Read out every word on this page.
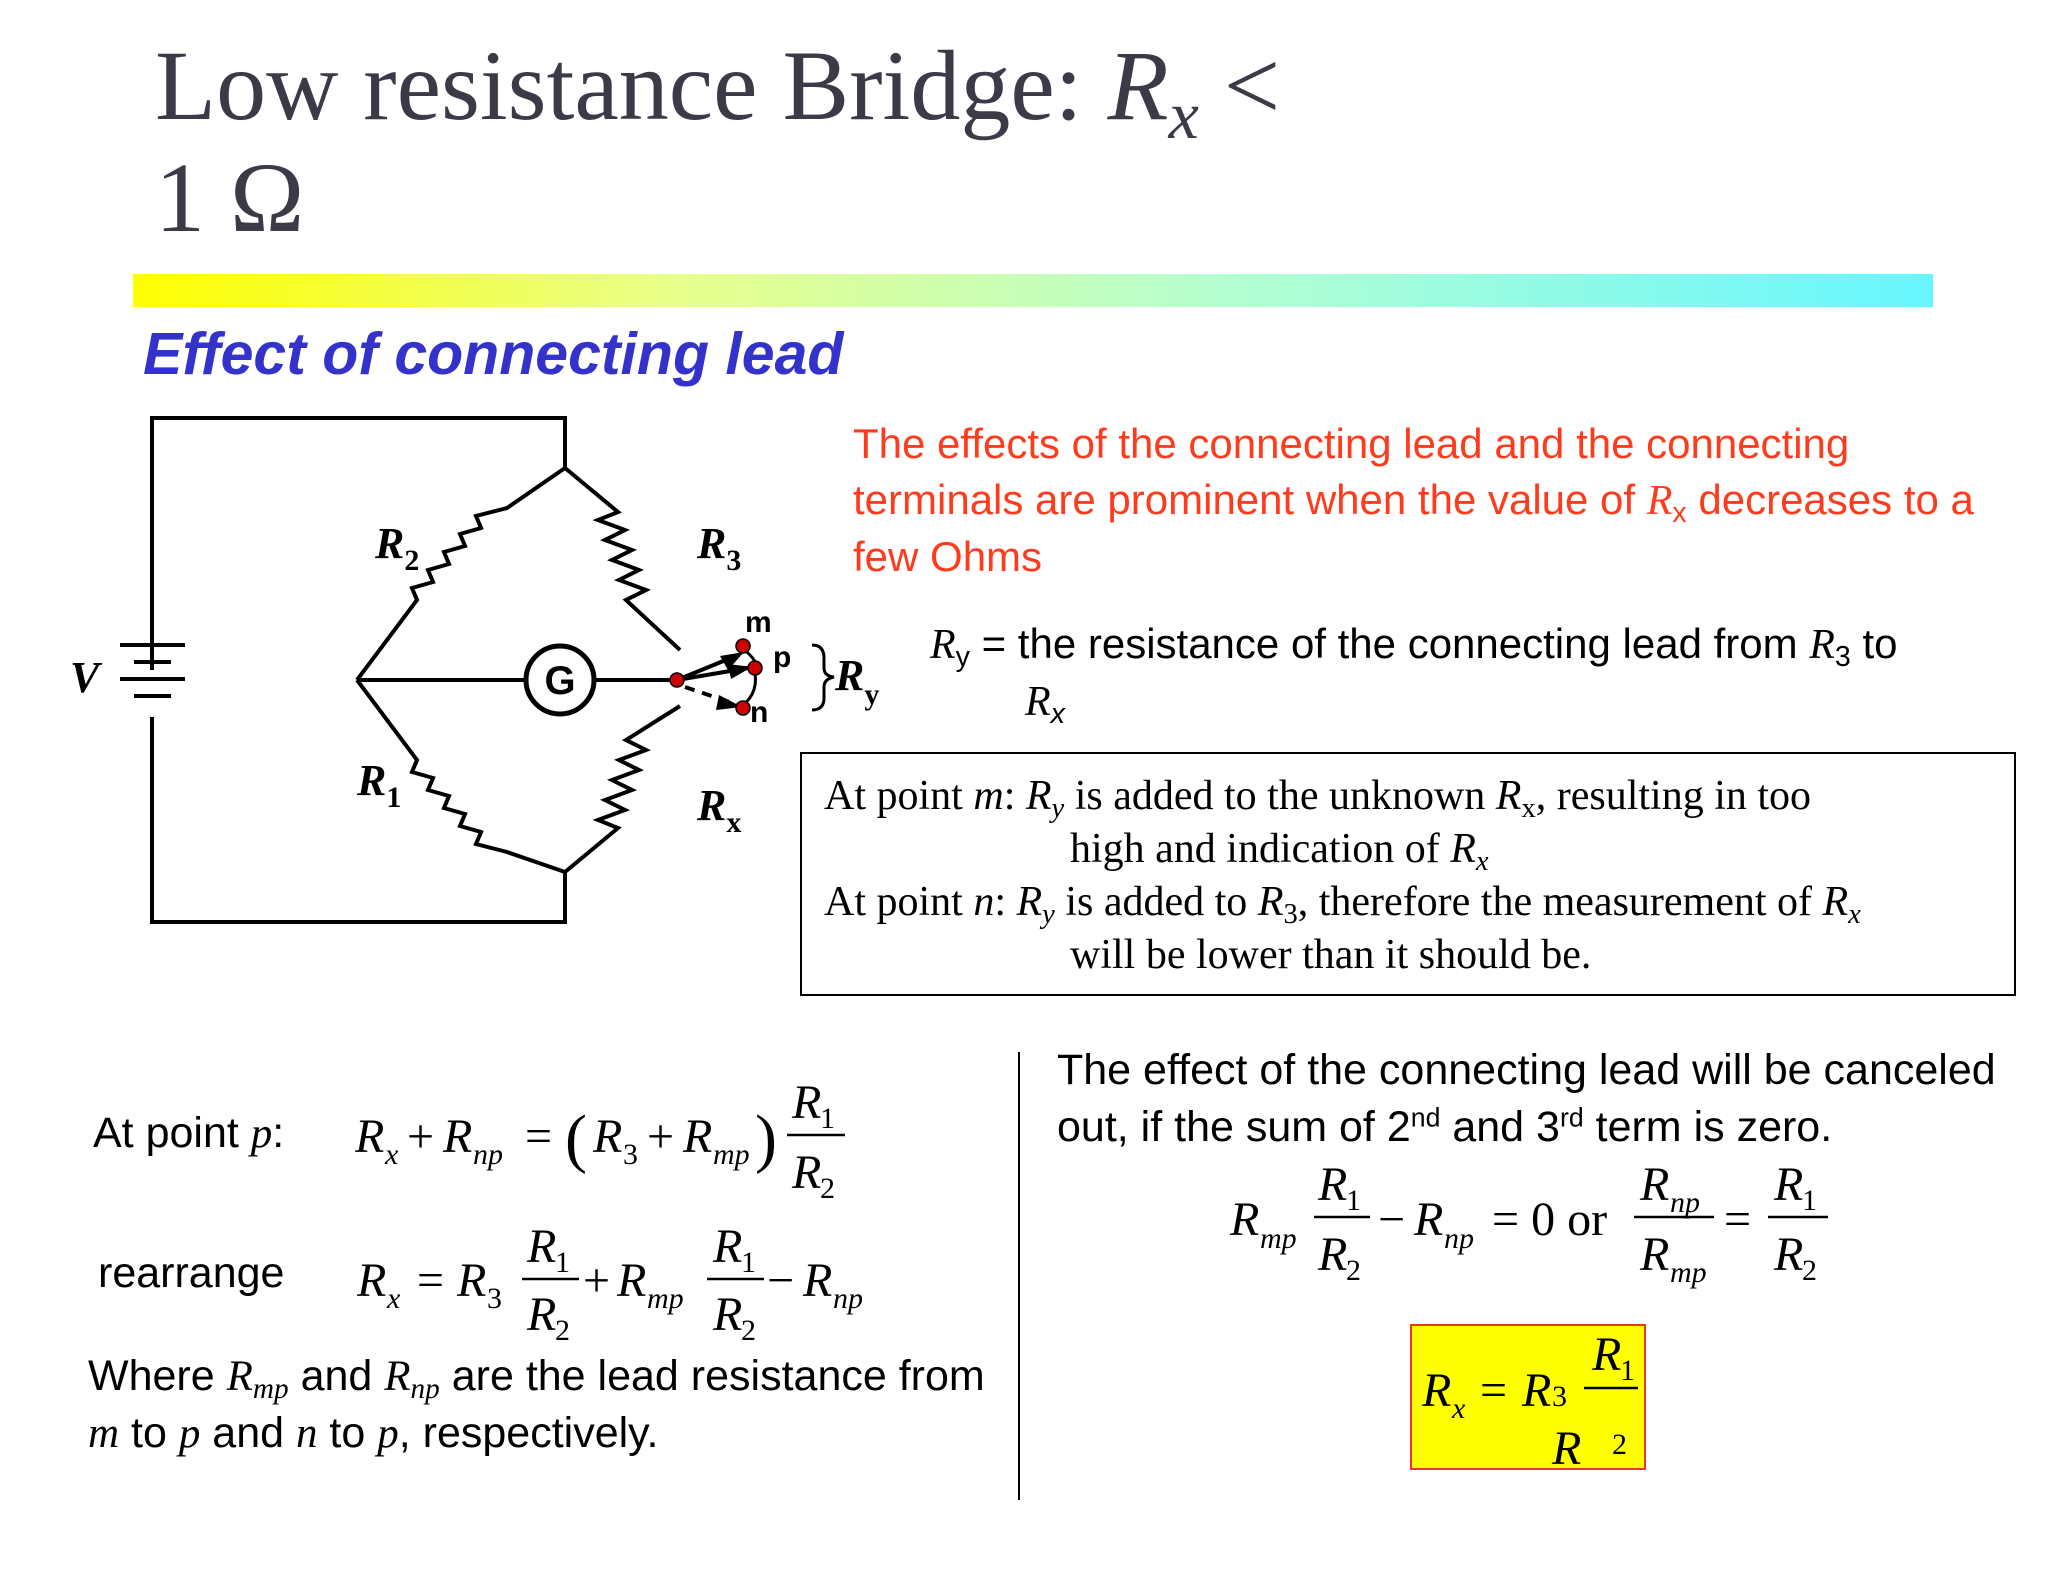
Low resistance Bridge: $R_x$ <
1 Ω
Effect of connecting lead
V
$R_2$	$R_3$
$R_1$	$R_x$
$R_y$
G
m
p
n
The effects of the connecting lead and the connecting terminals are prominent when the value of $R_x$ decreases to a few Ohms
$R_y$ = the resistance of the connecting lead from $R_3$ to
$R_x$
At point m: $R_y$ is added to the unknown $R_x$, resulting in too
high and indication of $R_x$
At point n: $R_y$ is added to $R_3$, therefore the measurement of $R_x$
will be lower than it should be.
At point p:
rearrange
R x + R np = ( R 3 + R mp ) R
1
R
2
R x = R 3
R
1
R
2
+ R mp
R
1
R
2
− R np
Where $R_{mp}$ and $R_{np}$ are the lead resistance from m to p and n to p, respectively.
The effect of the connecting lead will be canceled out, if the sum of 2nd and 3rd term is zero.
R mp
R
1
R
2
− R np = 0 or
R np
R mp
=
R
1
R
2
R x = R 3
R
1
R 2
